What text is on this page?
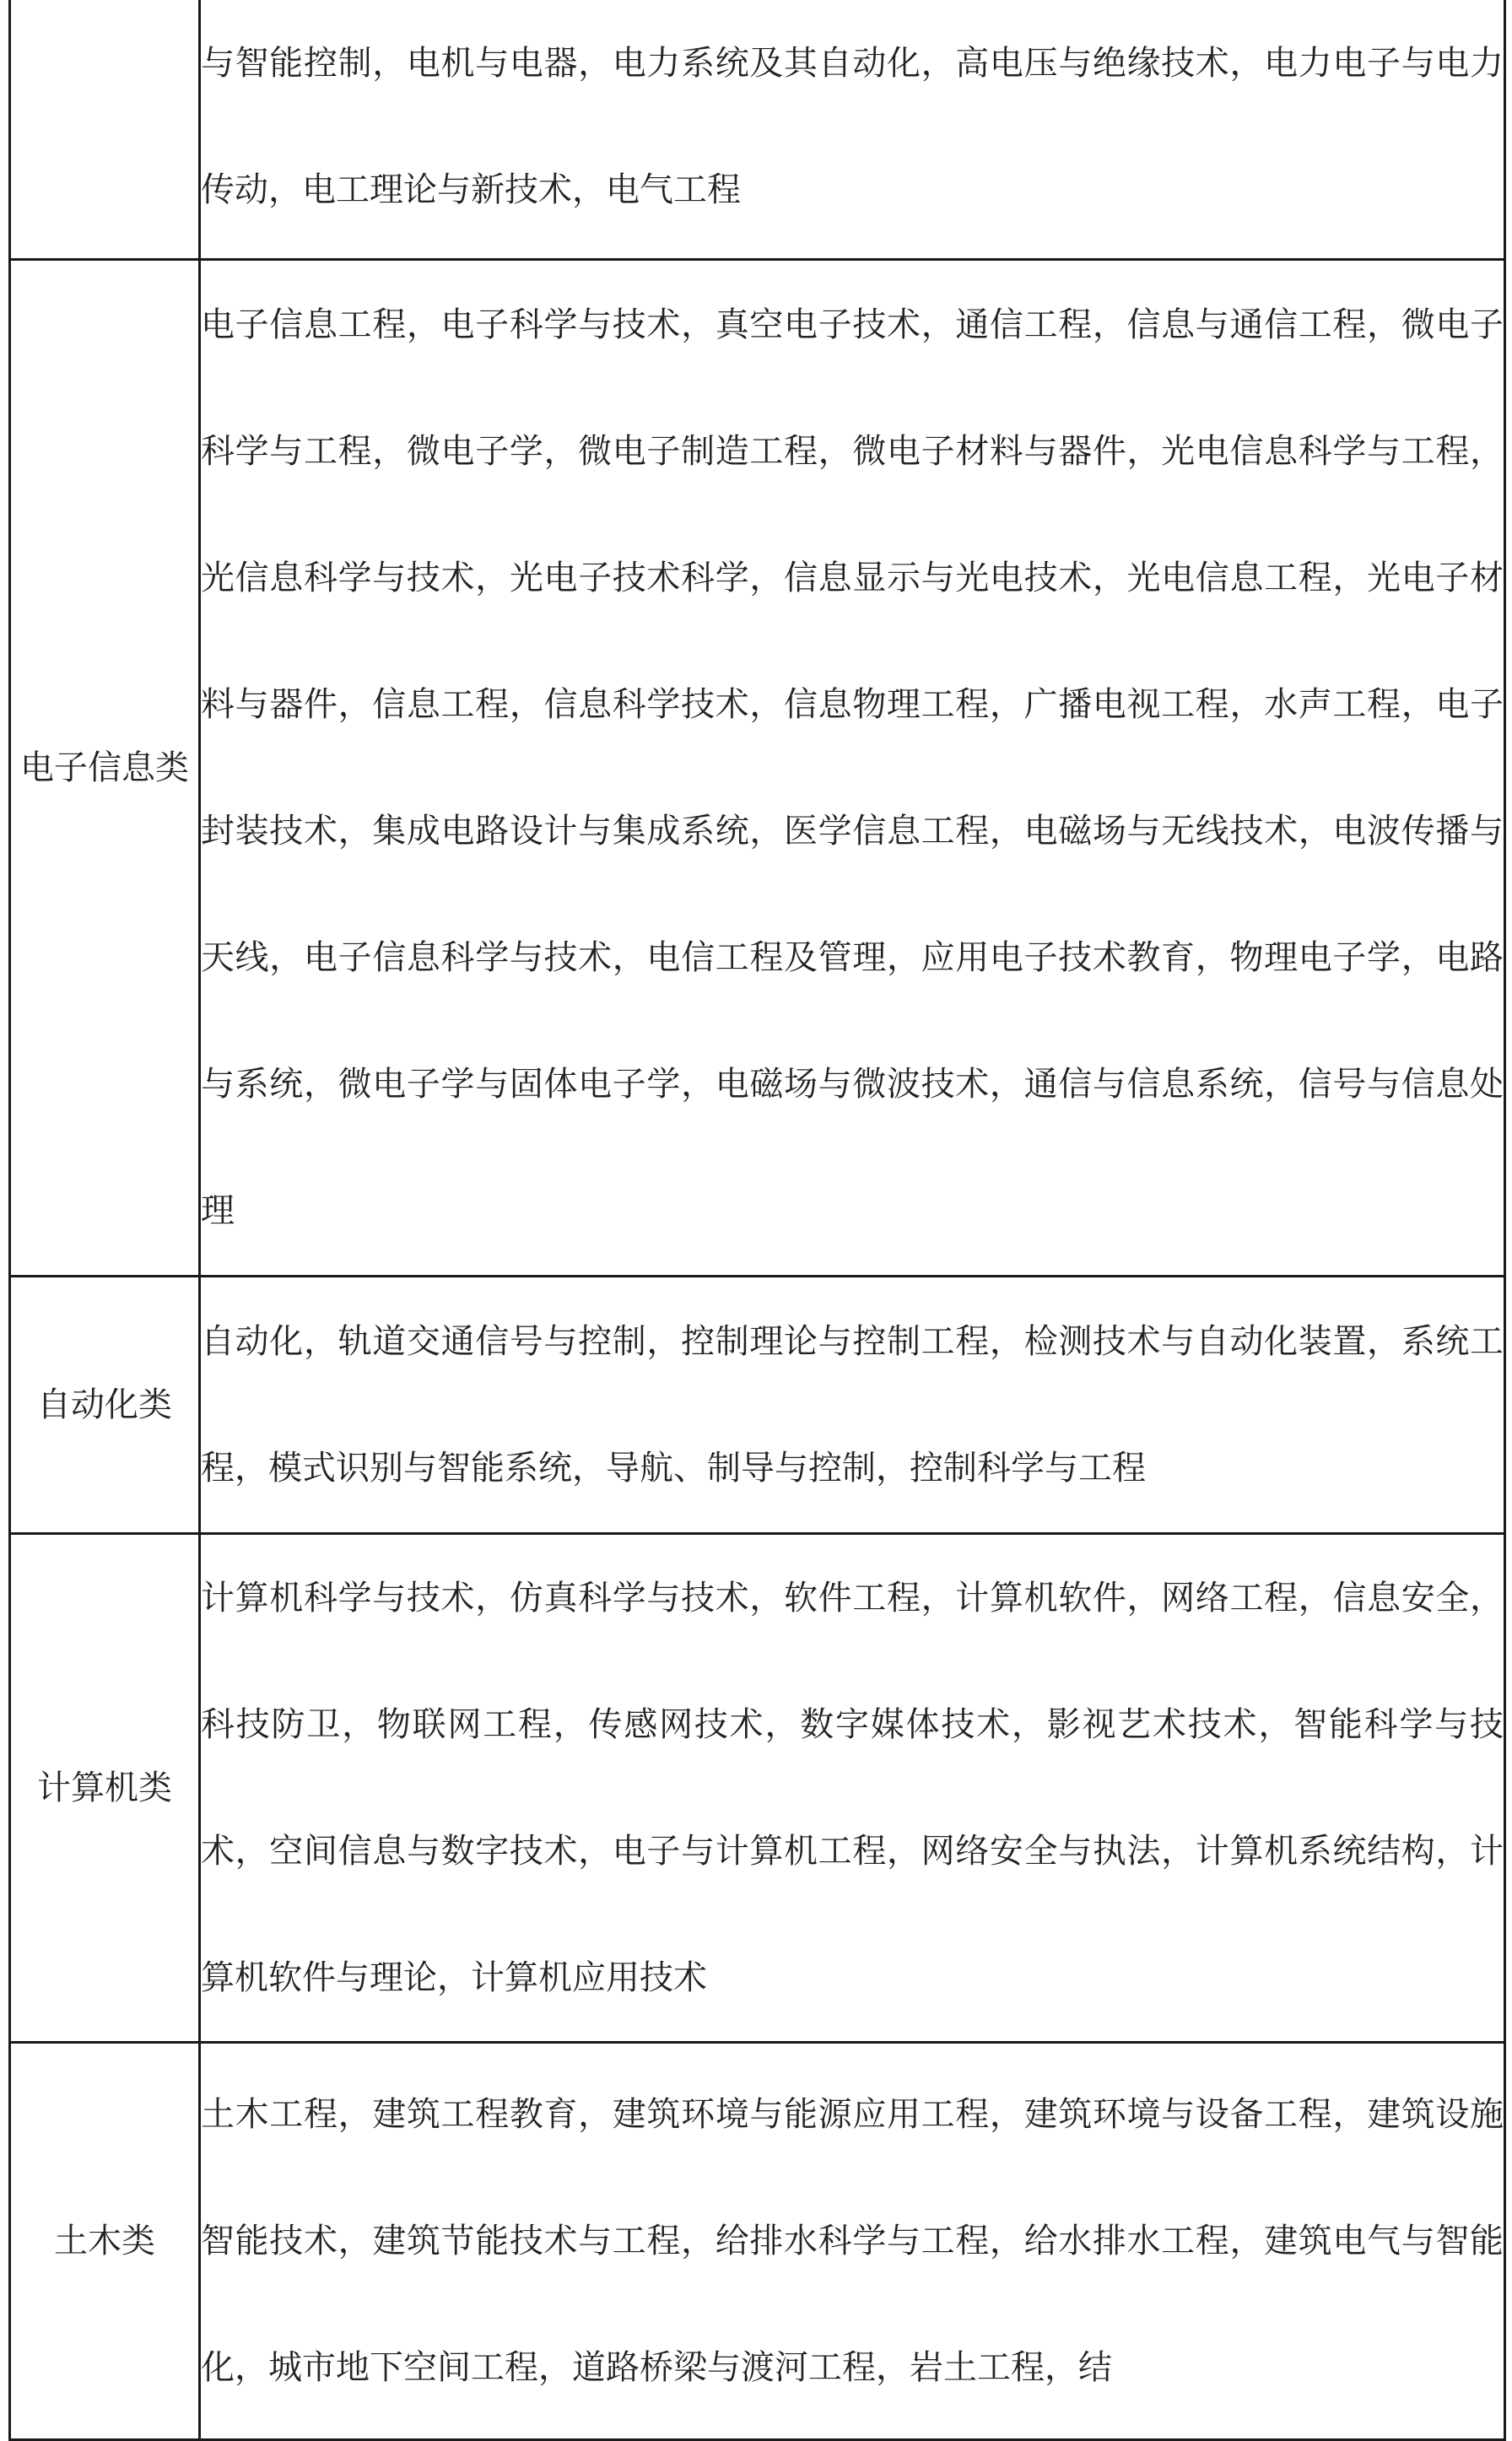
	与智能控制，电机与电器，电力系统及其自动化，高电压与绝缘技术，电力电子与电力传动，电工理论与新技术，电气工程

电子信息类	电子信息工程，电子科学与技术，真空电子技术，通信工程，信息与通信工程，微电子科学与工程，微电子学，微电子制造工程，微电子材料与器件，光电信息科学与工程，光信息科学与技术，光电子技术科学，信息显示与光电技术，光电信息工程，光电子材料与器件，信息工程，信息科学技术，信息物理工程，广播电视工程，水声工程，电子封装技术，集成电路设计与集成系统，医学信息工程，电磁场与无线技术，电波传播与天线，电子信息科学与技术，电信工程及管理，应用电子技术教育，物理电子学，电路与系统，微电子学与固体电子学，电磁场与微波技术，通信与信息系统，信号与信息处理

自动化类	自动化，轨道交通信号与控制，控制理论与控制工程，检测技术与自动化装置，系统工程，模式识别与智能系统，导航、制导与控制，控制科学与工程

计算机类	计算机科学与技术，仿真科学与技术，软件工程，计算机软件，网络工程，信息安全，科技防卫，物联网工程，传感网技术，数字媒体技术，影视艺术技术，智能科学与技术，空间信息与数字技术，电子与计算机工程，网络安全与执法，计算机系统结构，计算机软件与理论，计算机应用技术

土木类	土木工程，建筑工程教育，建筑环境与能源应用工程，建筑环境与设备工程，建筑设施智能技术，建筑节能技术与工程，给排水科学与工程，给水排水工程，建筑电气与智能化，城市地下空间工程，道路桥梁与渡河工程，岩土工程，结
